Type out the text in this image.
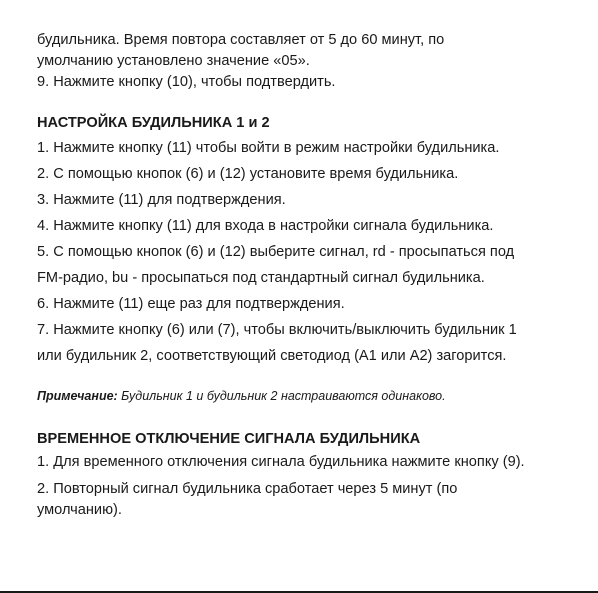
будильника. Время повтора составляет от 5 до 60 минут, по

умолчанию установлено значение «05».

9. Нажмите кнопку (10), чтобы подтвердить.

НАСТРОЙКА БУДИЛЬНИКА 1 и 2

1. Нажмите кнопку (11) чтобы войти в режим настройки будильника.

2. С помощью кнопок (6) и (12) установите время будильника.

3. Нажмите (11) для подтверждения.

4. Нажмите кнопку (11) для входа в настройки сигнала будильника.

5. С помощью кнопок (6) и (12) выберите сигнал, rd - просыпаться под

FM-радио, bu - просыпаться под стандартный сигнал будильника.

6. Нажмите (11) еще раз для подтверждения.

7. Нажмите кнопку (6) или (7), чтобы включить/выключить будильник 1

или будильник 2, соответствующий светодиод (A1 или A2) загорится.

Примечание: Будильник 1 и будильник 2 настраиваются одинаково.

ВРЕМЕННОЕ ОТКЛЮЧЕНИЕ СИГНАЛА БУДИЛЬНИКА

1. Для временного отключения сигнала будильника нажмите кнопку (9).

2. Повторный сигнал будильника сработает через 5 минут (по умолчанию).
